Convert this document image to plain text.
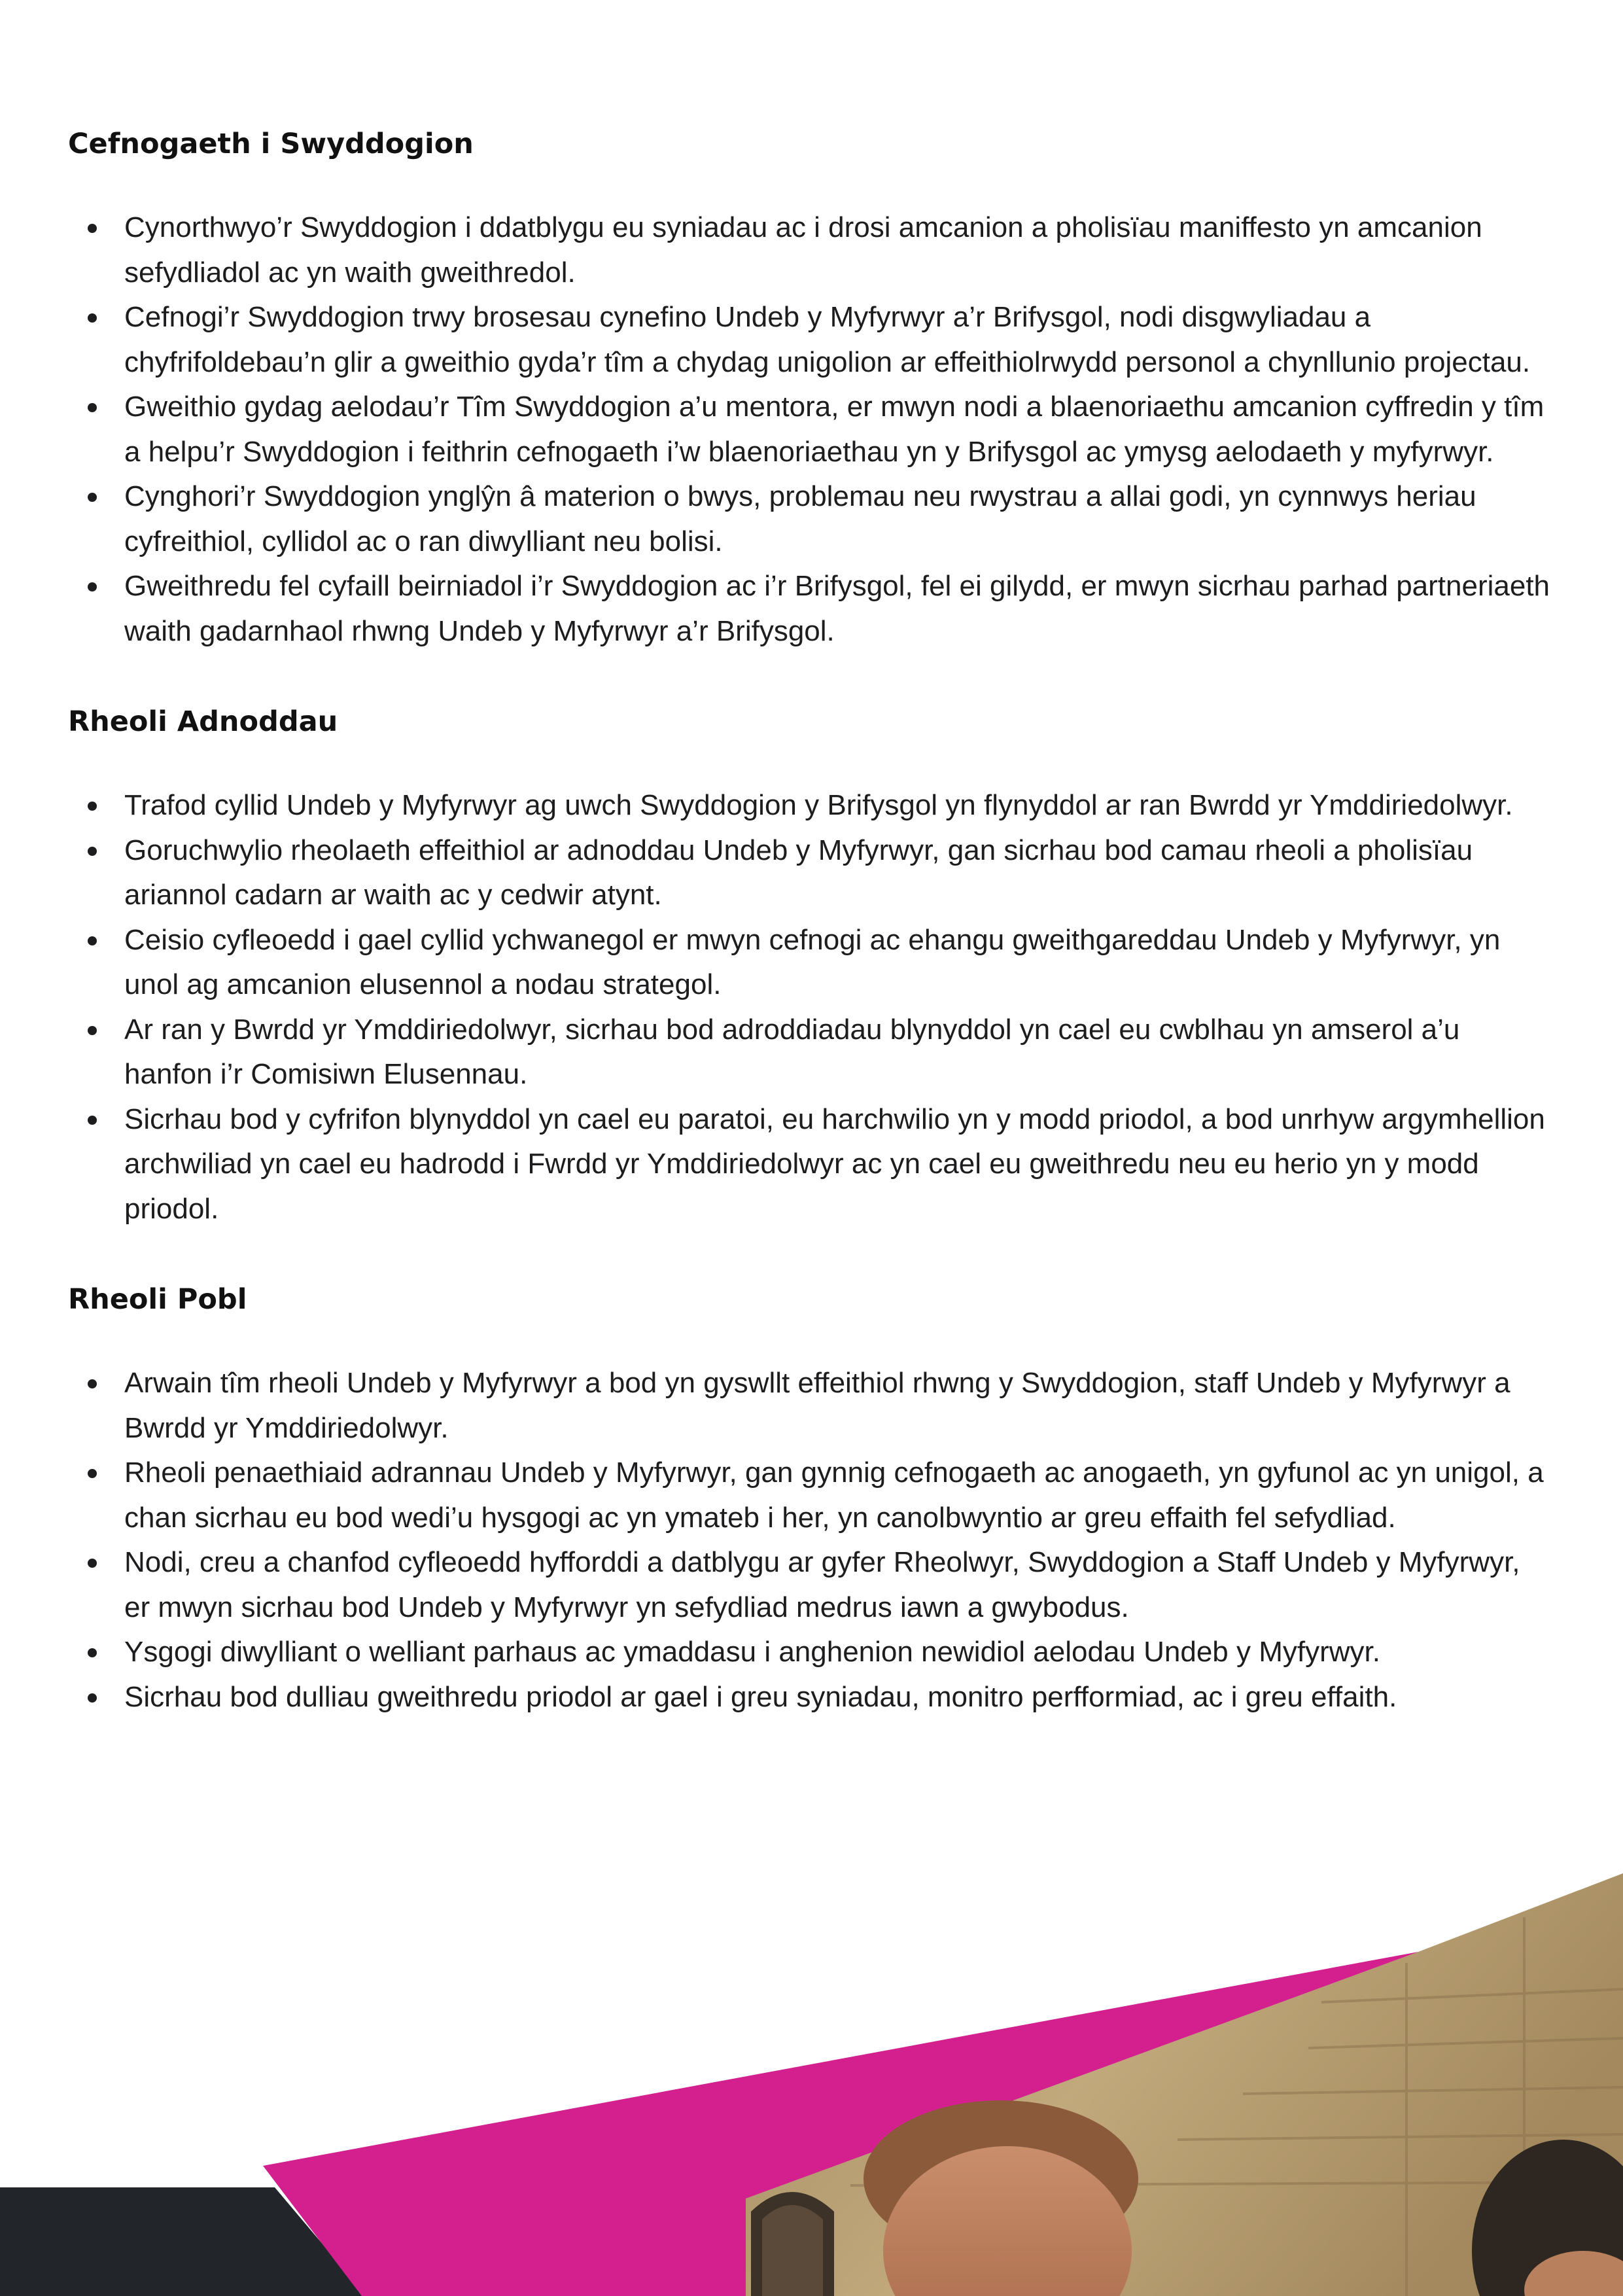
Cefnogaeth i Swyddogion
Cynorthwyo’r Swyddogion i ddatblygu eu syniadau ac i drosi amcanion a pholisïau maniffesto yn amcanion sefydliadol ac yn waith gweithredol.
Cefnogi’r Swyddogion trwy brosesau cynefino Undeb y Myfyrwyr a’r Brifysgol, nodi disgwyliadau a chyfrifoldebau’n glir a gweithio gyda’r tîm a chydag unigolion ar effeithiolrwydd personol a chynllunio projectau.
Gweithio gydag aelodau’r Tîm Swyddogion a’u mentora, er mwyn nodi a blaenoriaethu amcanion cyffredin y tîm a helpu’r Swyddogion i feithrin cefnogaeth i’w blaenoriaethau yn y Brifysgol ac ymysg aelodaeth y myfyrwyr.
Cynghori’r Swyddogion ynglŷn â materion o bwys, problemau neu rwystrau a allai godi, yn cynnwys heriau cyfreithiol, cyllidol ac o ran diwylliant neu bolisi.
Gweithredu fel cyfaill beirniadol i’r Swyddogion ac i’r Brifysgol, fel ei gilydd, er mwyn sicrhau parhad partneriaeth waith gadarnhaol rhwng Undeb y Myfyrwyr a’r Brifysgol.
Rheoli Adnoddau
Trafod cyllid Undeb y Myfyrwyr ag uwch Swyddogion y Brifysgol yn flynyddol ar ran Bwrdd yr Ymddiriedolwyr.
Goruchwylio rheolaeth effeithiol ar adnoddau Undeb y Myfyrwyr, gan sicrhau bod camau rheoli a pholisïau ariannol cadarn ar waith ac y cedwir atynt.
Ceisio cyfleoedd i gael cyllid ychwanegol er mwyn cefnogi ac ehangu gweithgareddau Undeb y Myfyrwyr, yn unol ag amcanion elusennol a nodau strategol.
Ar ran y Bwrdd yr Ymddiriedolwyr, sicrhau bod adroddiadau blynyddol yn cael eu cwblhau yn amserol a’u hanfon i’r Comisiwn Elusennau.
Sicrhau bod y cyfrifon blynyddol yn cael eu paratoi, eu harchwilio yn y modd priodol, a bod unrhyw argymhellion archwiliad yn cael eu hadrodd i Fwrdd yr Ymddiriedolwyr ac yn cael eu gweithredu neu eu herio yn y modd priodol.
Rheoli Pobl
Arwain tîm rheoli Undeb y Myfyrwyr a bod yn gyswllt effeithiol rhwng y Swyddogion, staff Undeb y Myfyrwyr a Bwrdd yr Ymddiriedolwyr.
Rheoli penaethiaid adrannau Undeb y Myfyrwyr, gan gynnig cefnogaeth ac anogaeth, yn gyfunol ac yn unigol, a chan sicrhau eu bod wedi’u hysgogi ac yn ymateb i her, yn canolbwyntio ar greu effaith fel sefydliad.
Nodi, creu a chanfod cyfleoedd hyfforddi a datblygu ar gyfer Rheolwyr, Swyddogion a Staff Undeb y Myfyrwyr, er mwyn sicrhau bod Undeb y Myfyrwyr yn sefydliad medrus iawn a gwybodus.
Ysgogi diwylliant o welliant parhaus ac ymaddasu i anghenion newidiol aelodau Undeb y Myfyrwyr.
Sicrhau bod dulliau gweithredu priodol ar gael i greu syniadau, monitro perfformiad, ac i greu effaith.
